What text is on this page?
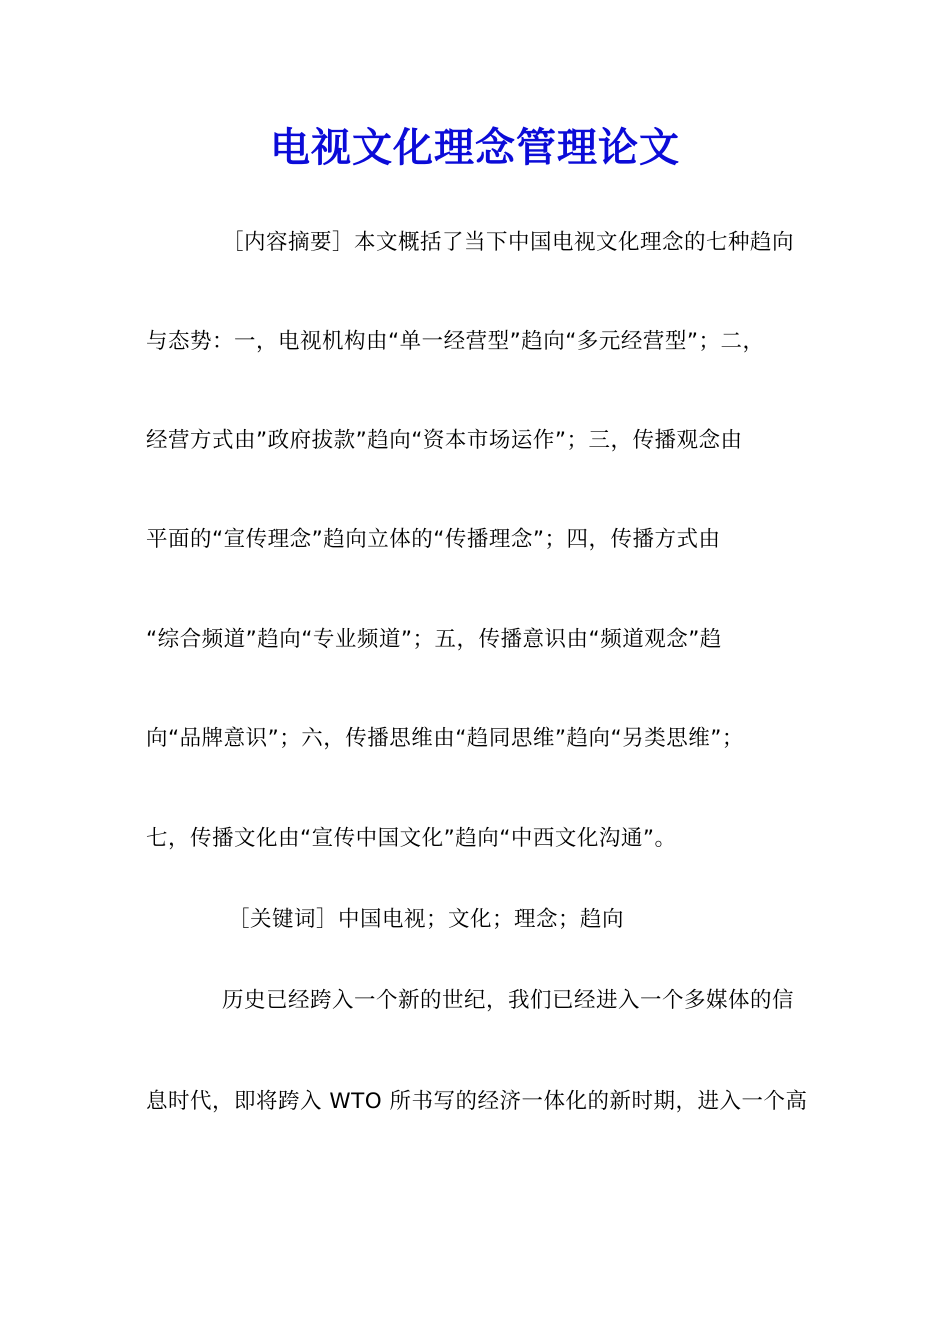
电视文化理念管理论文
［内容摘要］本文概括了当下中国电视文化理念的七种趋向
与态势：一，电视机构由“单一经营型”趋向“多元经营型”；二，
经营方式由”政府拔款”趋向“资本市场运作”；三，传播观念由
平面的“宣传理念”趋向立体的“传播理念”；四，传播方式由
“综合频道”趋向“专业频道”；五，传播意识由“频道观念”趋
向“品牌意识”；六，传播思维由“趋同思维”趋向“另类思维”；
七，传播文化由“宣传中国文化”趋向“中西文化沟通”。
［关键词］中国电视；文化；理念；趋向
历史已经跨入一个新的世纪，我们已经进入一个多媒体的信
息时代，即将跨入 WTO 所书写的经济一体化的新时期，进入一个高
